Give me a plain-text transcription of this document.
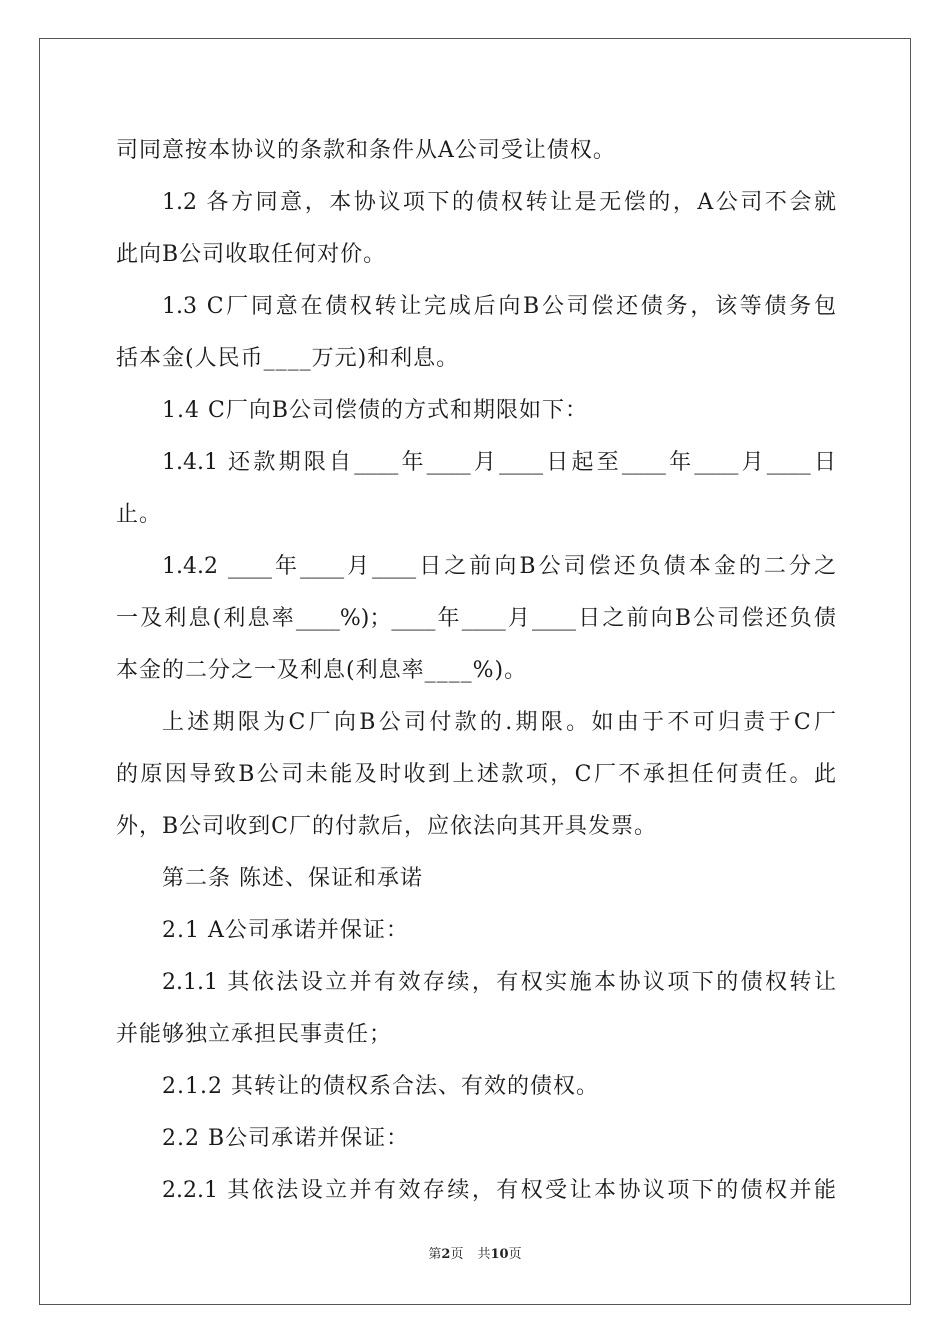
司同意按本协议的条款和条件从A公司受让债权。
1.2 各方同意，本协议项下的债权转让是无偿的，A公司不会就
此向B公司收取任何对价。
1.3 C厂同意在债权转让完成后向B公司偿还债务，该等债务包
括本金(人民币____万元)和利息。
1.4 C厂向B公司偿债的方式和期限如下：
1.4.1 还款期限自____年____月____日起至____年____月____日
止。
1.4.2 ____年____月____日之前向B公司偿还负债本金的二分之
一及利息(利息率____%)；____年____月____日之前向B公司偿还负债
本金的二分之一及利息(利息率____%)。
上述期限为C厂向B公司付款的.期限。如由于不可归责于C厂
的原因导致B公司未能及时收到上述款项，C厂不承担任何责任。此
外，B公司收到C厂的付款后，应依法向其开具发票。
第二条 陈述、保证和承诺
2.1 A公司承诺并保证：
2.1.1 其依法设立并有效存续，有权实施本协议项下的债权转让
并能够独立承担民事责任；
2.1.2 其转让的债权系合法、有效的债权。
2.2 B公司承诺并保证：
2.2.1 其依法设立并有效存续，有权受让本协议项下的债权并能
第2页 共10页
